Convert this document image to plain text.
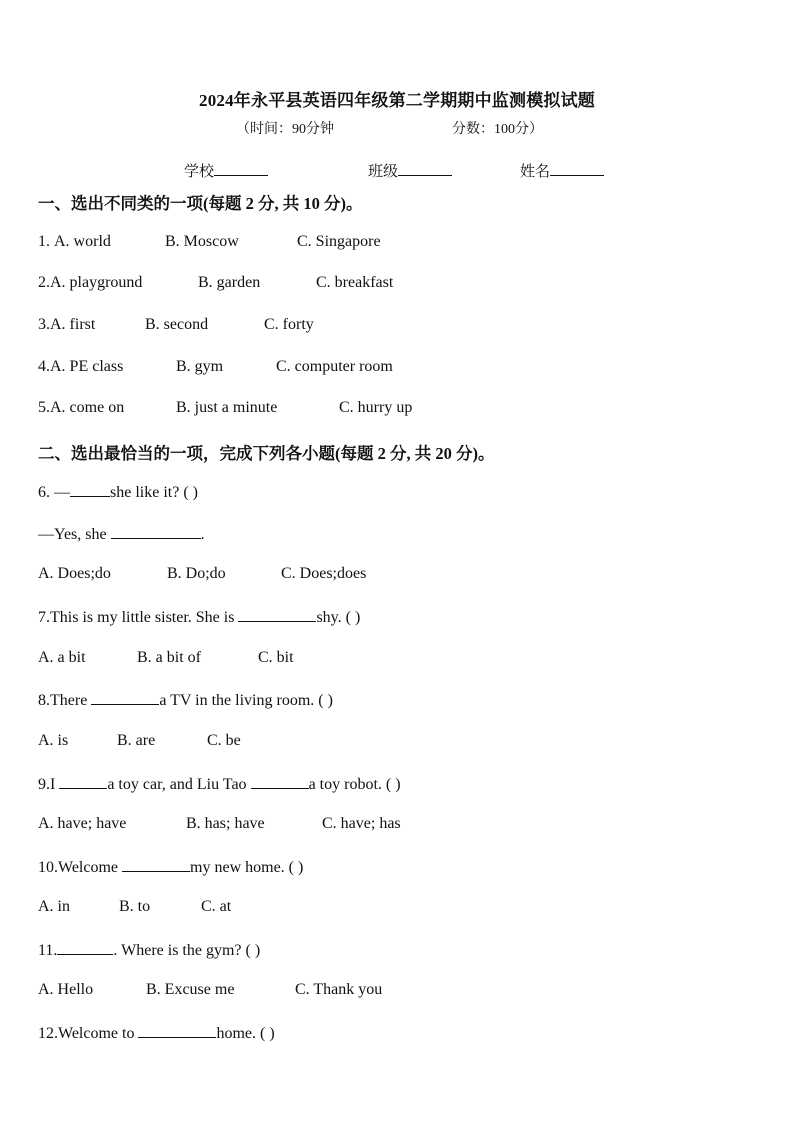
2024年永平县英语四年级第二学期期中监测模拟试题
（时间：90分钟	分数：100分）
学校	班级	姓名
一、选出不同类的一项(每题 2 分, 共 10 分)。
1. A. world	B. Moscow	C. Singapore
2.A. playground	B. garden	C. breakfast
3.A. first	B. second	C. forty
4.A. PE class	B. gym	C. computer room
5.A. come on	B. just a minute	C. hurry up
二、选出最恰当的一项，完成下列各小题(每题 2 分, 共 20 分)。
6. —	she like it? ( )
—Yes, she	.
A. Does;do	B. Do;do	C. Does;does
7.This is my little sister. She is	shy. ( )
A. a bit	B. a bit of	C. bit
8.There	a TV in the living room. ( )
A. is	B. are	C. be
9.I	a toy car, and Liu Tao	a toy robot. ( )
A. have; have	B. has; have	C. have; has
10.Welcome	my new home. ( )
A. in	B. to	C. at
11.	. Where is the gym? ( )
A. Hello	B. Excuse me	C. Thank you
12.Welcome to	home. ( )
